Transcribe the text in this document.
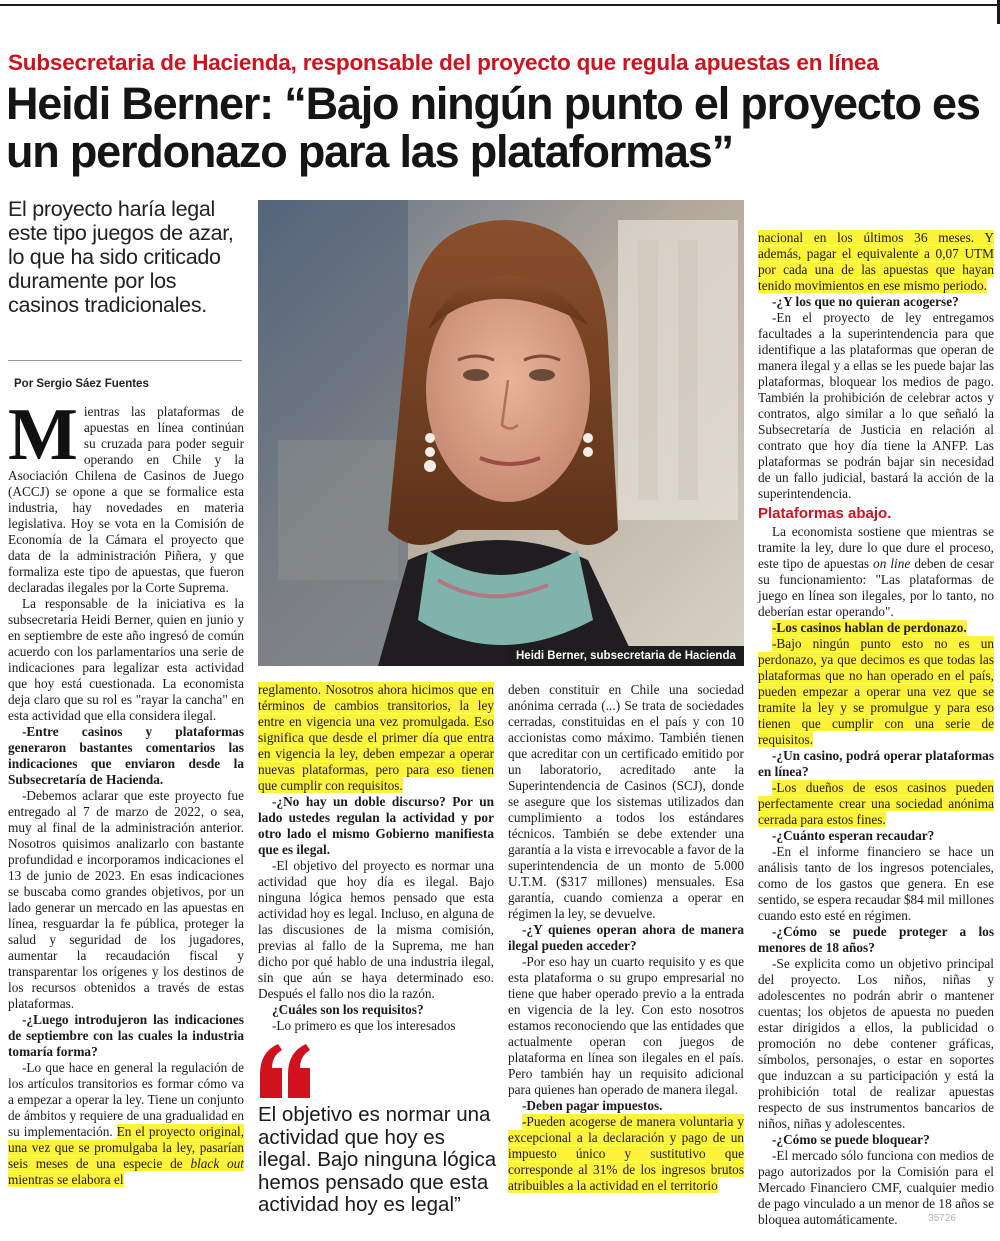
Subsecretaria de Hacienda, responsable del proyecto que regula apuestas en línea
Heidi Berner: “Bajo ningún punto el proyecto es un perdonazo para las plataformas”
El proyecto haría legal este tipo juegos de azar, lo que ha sido criticado duramente por los casinos tradicionales.
Por Sergio Sáez Fuentes

Mientras las plataformas de apuestas en línea continúan su cruzada para poder seguir operando en Chile y la Asociación Chilena de Casinos de Juego (ACCJ) se opone a que se formalice esta industria, hay novedades en materia legislativa. Hoy se vota en la Comisión de Economía de la Cámara el proyecto que data de la administración Piñera, y que formaliza este tipo de apuestas, que fueron declaradas ilegales por la Corte Suprema.

La responsable de la iniciativa es la subsecretaria Heidi Berner, quien en junio y en septiembre de este año ingresó de común acuerdo con los parlamentarios una serie de indicaciones para legalizar esta actividad que hoy está cuestionada. La economista deja claro que su rol es "rayar la cancha" en esta actividad que ella considera ilegal.

-Entre casinos y plataformas generaron bastantes comentarios las indicaciones que enviaron desde la Subsecretaría de Hacienda.

-Debemos aclarar que este proyecto fue entregado al 7 de marzo de 2022, o sea, muy al final de la administración anterior. Nosotros quisimos analizarlo con bastante profundidad e incorporamos indicaciones el 13 de junio de 2023. En esas indicaciones se buscaba como grandes objetivos, por un lado generar un mercado en las apuestas en línea, resguardar la fe pública, proteger la salud y seguridad de los jugadores, aumentar la recaudación fiscal y transparentar los orígenes y los destinos de los recursos obtenidos a través de estas plataformas.

-¿Luego introdujeron las indicaciones de septiembre con las cuales la industria tomaría forma?

-Lo que hace en general la regulación de los artículos transitorios es formar cómo va a empezar a operar la ley. Tiene un conjunto de ámbitos y requiere de una gradualidad en su implementación. En el proyecto original, una vez que se promulgaba la ley, pasarían seis meses de una especie de black out mientras se elabora el

Heidi Berner, subsecretaria de Hacienda

reglamento. Nosotros ahora hicimos que en términos de cambios transitorios, la ley entre en vigencia una vez promulgada. Eso significa que desde el primer día que entra en vigencia la ley, deben empezar a operar nuevas plataformas, pero para eso tienen que cumplir con requisitos.

-¿No hay un doble discurso? Por un lado ustedes regulan la actividad y por otro lado el mismo Gobierno manifiesta que es ilegal.

-El objetivo del proyecto es normar una actividad que hoy día es ilegal. Bajo ninguna lógica hemos pensado que esta actividad hoy es legal. Incluso, en alguna de las discusiones de la misma comisión, previas al fallo de la Suprema, me han dicho por qué hablo de una industria ilegal, sin que aún se haya determinado eso. Después el fallo nos dio la razón.

¿Cuáles son los requisitos?

-Lo primero es que los interesados

El objetivo es normar una actividad que hoy es ilegal. Bajo ninguna lógica hemos pensado que esta actividad hoy es legal”

deben constituir en Chile una sociedad anónima cerrada (...) Se trata de sociedades cerradas, constituidas en el país y con 10 accionistas como máximo. También tienen que acreditar con un certificado emitido por un laboratorio, acreditado ante la Superintendencia de Casinos (SCJ), donde se asegure que los sistemas utilizados dan cumplimiento a todos los estándares técnicos. También se debe extender una garantía a la vista e irrevocable a favor de la superintendencia de un monto de 5.000 U.T.M. ($317 millones) mensuales. Esa garantía, cuando comienza a operar en régimen la ley, se devuelve.

-¿Y quienes operan ahora de manera ilegal pueden acceder?

-Por eso hay un cuarto requisito y es que esta plataforma o su grupo empresarial no tiene que haber operado previo a la entrada en vigencia de la ley. Con esto nosotros estamos reconociendo que las entidades que actualmente operan con juegos de plataforma en línea son ilegales en el país. Pero también hay un requisito adicional para quienes han operado de manera ilegal.

-Deben pagar impuestos.

-Pueden acogerse de manera voluntaria y excepcional a la declaración y pago de un impuesto único y sustitutivo que corresponde al 31% de los ingresos brutos atribuibles a la actividad en el territorio

nacional en los últimos 36 meses. Y además, pagar el equivalente a 0,07 UTM por cada una de las apuestas que hayan tenido movimientos en ese mismo periodo.

-¿Y los que no quieran acogerse?

-En el proyecto de ley entregamos facultades a la superintendencia para que identifique a las plataformas que operan de manera ilegal y a ellas se les puede bajar las plataformas, bloquear los medios de pago. También la prohibición de celebrar actos y contratos, algo similar a lo que señaló la Subsecretaría de Justicia en relación al contrato que hoy día tiene la ANFP. Las plataformas se podrán bajar sin necesidad de un fallo judicial, bastará la acción de la superintendencia.

Plataformas abajo.

La economista sostiene que mientras se tramite la ley, dure lo que dure el proceso, este tipo de apuestas on line deben de cesar su funcionamiento: "Las plataformas de juego en línea son ilegales, por lo tanto, no deberían estar operando".

-Los casinos hablan de perdonazo.

-Bajo ningún punto esto no es un perdonazo, ya que decimos es que todas las plataformas que no han operado en el país, pueden empezar a operar una vez que se tramite la ley y se promulgue y para eso tienen que cumplir con una serie de requisitos.

-¿Un casino, podrá operar plataformas en línea?

-Los dueños de esos casinos pueden perfectamente crear una sociedad anónima cerrada para estos fines.

-¿Cuánto esperan recaudar?

-En el informe financiero se hace un análisis tanto de los ingresos potenciales, como de los gastos que genera. En ese sentido, se espera recaudar $84 mil millones cuando esto esté en régimen.

-¿Cómo se puede proteger a los menores de 18 años?

-Se explicita como un objetivo principal del proyecto. Los niños, niñas y adolescentes no podrán abrir o mantener cuentas; los objetos de apuesta no pueden estar dirigidos a ellos, la publicidad o promoción no debe contener gráficas, símbolos, personajes, o estar en soportes que induzcan a su participación y está la prohibición total de realizar apuestas respecto de sus instrumentos bancarios de niños, niñas y adolescentes.

-¿Cómo se puede bloquear?

-El mercado sólo funciona con medios de pago autorizados por la Comisión para el Mercado Financiero CMF, cualquier medio de pago vinculado a un menor de 18 años se bloquea automáticamente.	35726
